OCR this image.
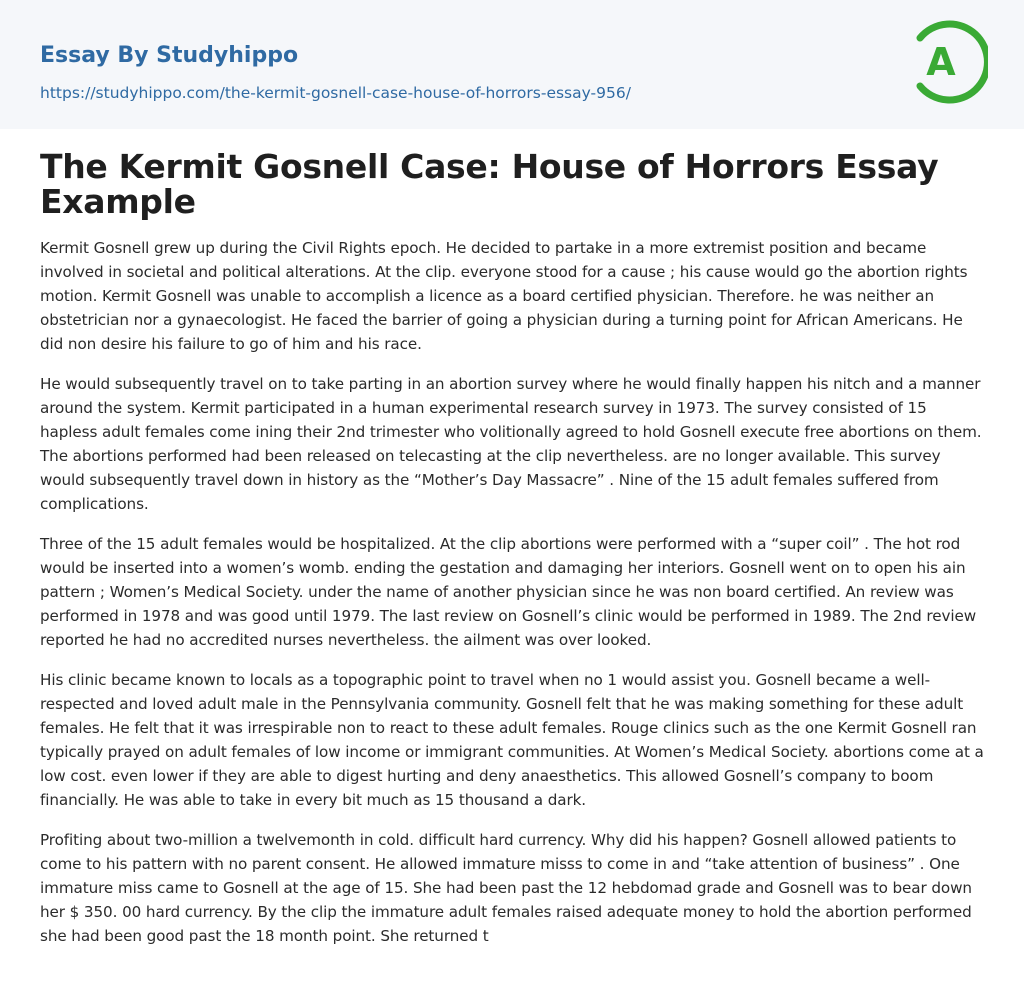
Essay By Studyhippo
https://studyhippo.com/the-kermit-gosnell-case-house-of-horrors-essay-956/
A
The Kermit Gosnell Case: House of Horrors Essay Example

Kermit Gosnell grew up during the Civil Rights epoch. He decided to partake in a more extremist position and became involved in societal and political alterations. At the clip. everyone stood for a cause ; his cause would go the abortion rights motion. Kermit Gosnell was unable to accomplish a licence as a board certified physician. Therefore. he was neither an obstetrician nor a gynaecologist. He faced the barrier of going a physician during a turning point for African Americans. He did non desire his failure to go of him and his race.

He would subsequently travel on to take parting in an abortion survey where he would finally happen his nitch and a manner around the system. Kermit participated in a human experimental research survey in 1973. The survey consisted of 15 hapless adult females come ining their 2nd trimester who volitionally agreed to hold Gosnell execute free abortions on them. The abortions performed had been released on telecasting at the clip nevertheless. are no longer available. This survey would subsequently travel down in history as the “Mother’s Day Massacre” . Nine of the 15 adult females suffered from complications.

Three of the 15 adult females would be hospitalized. At the clip abortions were performed with a “super coil” . The hot rod would be inserted into a women’s womb. ending the gestation and damaging her interiors. Gosnell went on to open his ain pattern ; Women’s Medical Society. under the name of another physician since he was non board certified. An review was performed in 1978 and was good until 1979. The last review on Gosnell’s clinic would be performed in 1989. The 2nd review reported he had no accredited nurses nevertheless. the ailment was over looked.

His clinic became known to locals as a topographic point to travel when no 1 would assist you. Gosnell became a well-respected and loved adult male in the Pennsylvania community. Gosnell felt that he was making something for these adult females. He felt that it was irrespirable non to react to these adult females. Rouge clinics such as the one Kermit Gosnell ran typically prayed on adult females of low income or immigrant communities. At Women’s Medical Society. abortions come at a low cost. even lower if they are able to digest hurting and deny anaesthetics. This allowed Gosnell’s company to boom financially. He was able to take in every bit much as 15 thousand a dark.

Profiting about two-million a twelvemonth in cold. difficult hard currency. Why did his happen? Gosnell allowed patients to come to his pattern with no parent consent. He allowed immature misss to come in and “take attention of business” . One immature miss came to Gosnell at the age of 15. She had been past the 12 hebdomad grade and Gosnell was to bear down her $ 350. 00 hard currency. By the clip the immature adult females raised adequate money to hold the abortion performed she had been good past the 18 month point. She returned t
